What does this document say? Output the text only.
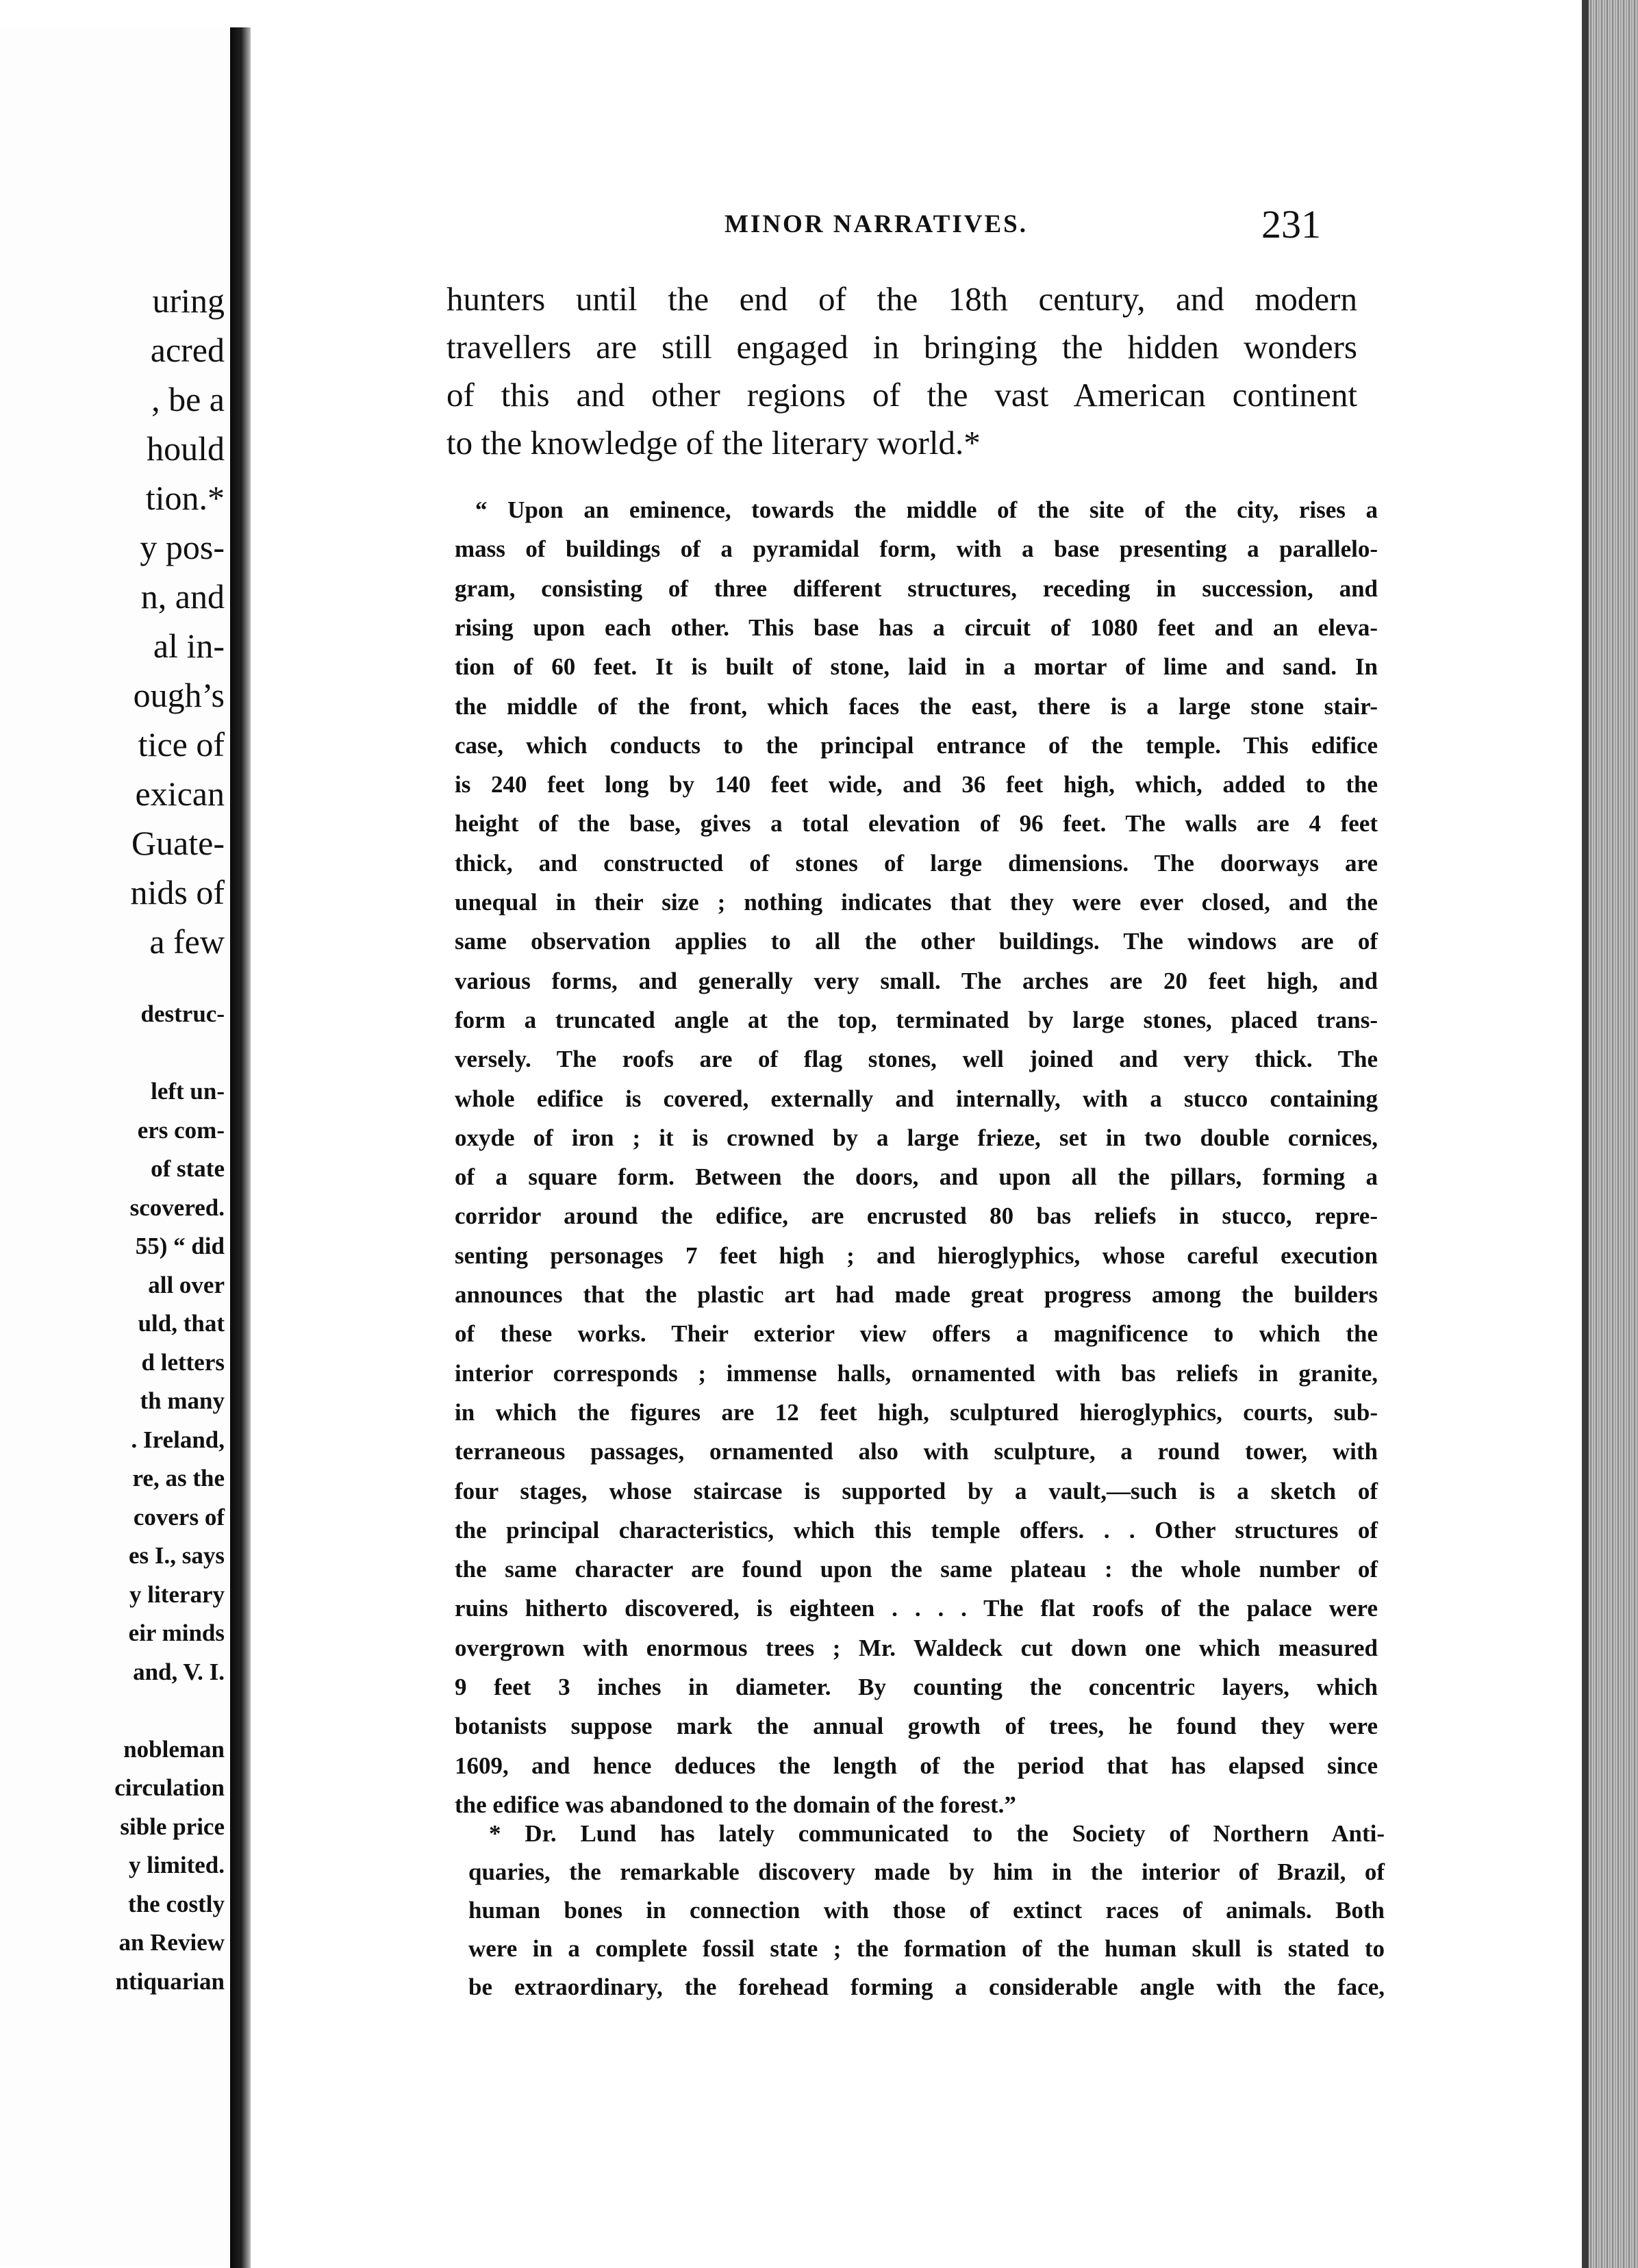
uring
acred
, be a
hould
tion.*
y pos-
n, and
al in-
ough’s
tice of
exican
Guate-
nids of
a few
destruc-
left un-
ers com-
of state
scovered.
55) “ did
all over
uld, that
d letters
th many
. Ireland,
re, as the
covers of
es I., says
y literary
eir minds
and, V. I.
nobleman
circulation
sible price
y limited.
the costly
an Review
ntiquarian
MINOR NARRATIVES.	231
hunters until the end of the 18th century, and modern
travellers are still engaged in bringing the hidden wonders
of this and other regions of the vast American continent
to the knowledge of the literary world.*
“ Upon an eminence, towards the middle of the site of the city, rises a
mass of buildings of a pyramidal form, with a base presenting a parallelo-
gram, consisting of three different structures, receding in succession, and
rising upon each other. This base has a circuit of 1080 feet and an eleva-
tion of 60 feet. It is built of stone, laid in a mortar of lime and sand. In
the middle of the front, which faces the east, there is a large stone stair-
case, which conducts to the principal entrance of the temple. This edifice
is 240 feet long by 140 feet wide, and 36 feet high, which, added to the
height of the base, gives a total elevation of 96 feet. The walls are 4 feet
thick, and constructed of stones of large dimensions. The doorways are
unequal in their size ; nothing indicates that they were ever closed, and the
same observation applies to all the other buildings. The windows are of
various forms, and generally very small. The arches are 20 feet high, and
form a truncated angle at the top, terminated by large stones, placed trans-
versely. The roofs are of flag stones, well joined and very thick. The
whole edifice is covered, externally and internally, with a stucco containing
oxyde of iron ; it is crowned by a large frieze, set in two double cornices,
of a square form. Between the doors, and upon all the pillars, forming a
corridor around the edifice, are encrusted 80 bas reliefs in stucco, repre-
senting personages 7 feet high ; and hieroglyphics, whose careful execution
announces that the plastic art had made great progress among the builders
of these works. Their exterior view offers a magnificence to which the
interior corresponds ; immense halls, ornamented with bas reliefs in granite,
in which the figures are 12 feet high, sculptured hieroglyphics, courts, sub-
terraneous passages, ornamented also with sculpture, a round tower, with
four stages, whose staircase is supported by a vault,—such is a sketch of
the principal characteristics, which this temple offers. . . Other structures of
the same character are found upon the same plateau : the whole number of
ruins hitherto discovered, is eighteen . . . . The flat roofs of the palace were
overgrown with enormous trees ; Mr. Waldeck cut down one which measured
9 feet 3 inches in diameter. By counting the concentric layers, which
botanists suppose mark the annual growth of trees, he found they were
1609, and hence deduces the length of the period that has elapsed since
the edifice was abandoned to the domain of the forest.”
* Dr. Lund has lately communicated to the Society of Northern Anti-
quaries, the remarkable discovery made by him in the interior of Brazil, of
human bones in connection with those of extinct races of animals. Both
were in a complete fossil state ; the formation of the human skull is stated to
be extraordinary, the forehead forming a considerable angle with the face,
